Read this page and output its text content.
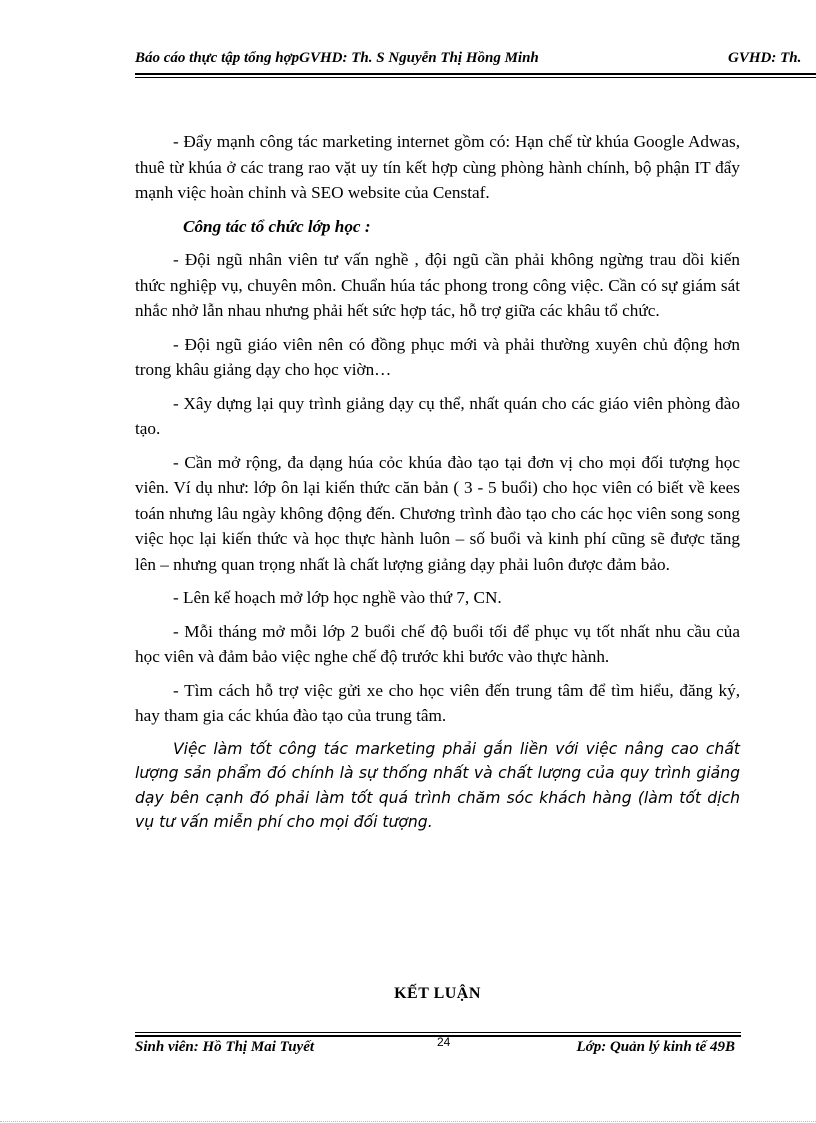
Báo cáo thực tập tổng hợpGVHD: Th. S Nguyễn Thị Hồng Minh	GVHD: Th.

- Đẩy mạnh công tác marketing internet gồm có: Hạn chế từ khúa Google Adwas, thuê từ khúa ở các trang rao vặt uy tín kết hợp cùng phòng hành chính, bộ phận IT đẩy mạnh việc hoàn chỉnh và SEO website của Censtaf.

Công tác tổ chức lớp học :

- Đội ngũ nhân viên tư vấn nghề , đội ngũ cần phải không ngừng trau dồi kiến thức nghiệp vụ, chuyên môn. Chuẩn húa tác phong trong công việc. Cần có sự giám sát nhắc nhở lẫn nhau nhưng phải hết sức hợp tác, hỗ trợ giữa các khâu tổ chức.

- Đội ngũ giáo viên nên có đồng phục mới và phải thường xuyên chủ động hơn trong khâu giảng dạy cho học viờn…

- Xây dựng lại quy trình giảng dạy cụ thể, nhất quán cho các giáo viên phòng đào tạo.

- Cần mở rộng, đa dạng húa cỏc khúa đào tạo tại đơn vị cho mọi đối tượng học viên. Ví dụ như: lớp ôn lại kiến thức căn bản ( 3 - 5 buổi) cho học viên có biết về kees toán nhưng lâu ngày không động đến. Chương trình đào tạo cho các học viên song song việc học lại kiến thức và học thực hành luôn – số buổi và kinh phí cũng sẽ được tăng lên – nhưng quan trọng nhất là chất lượng giảng dạy phải luôn được đảm bảo.

- Lên kế hoạch mở lớp học nghề vào thứ 7, CN.

- Mỗi tháng mở mỗi lớp 2 buổi chế độ buổi tối để phục vụ tốt nhất nhu cầu của học viên và đảm bảo việc nghe chế độ trước khi bước vào thực hành.

- Tìm cách hỗ trợ việc gửi xe cho học viên đến trung tâm để tìm hiểu, đăng ký, hay tham gia các khúa đào tạo của trung tâm.

Việc làm tốt công tác marketing phải gắn liền với việc nâng cao chất lượng sản phẩm đó chính là sự thống nhất và chất lượng của quy trình giảng dạy bên cạnh đó phải làm tốt quá trình chăm sóc khách hàng (làm tốt dịch vụ tư vấn miễn phí cho mọi đối tượng.

KẾT LUẬN
Sinh viên: Hồ Thị Mai Tuyết	24	Lớp: Quản lý kinh tế 49B
